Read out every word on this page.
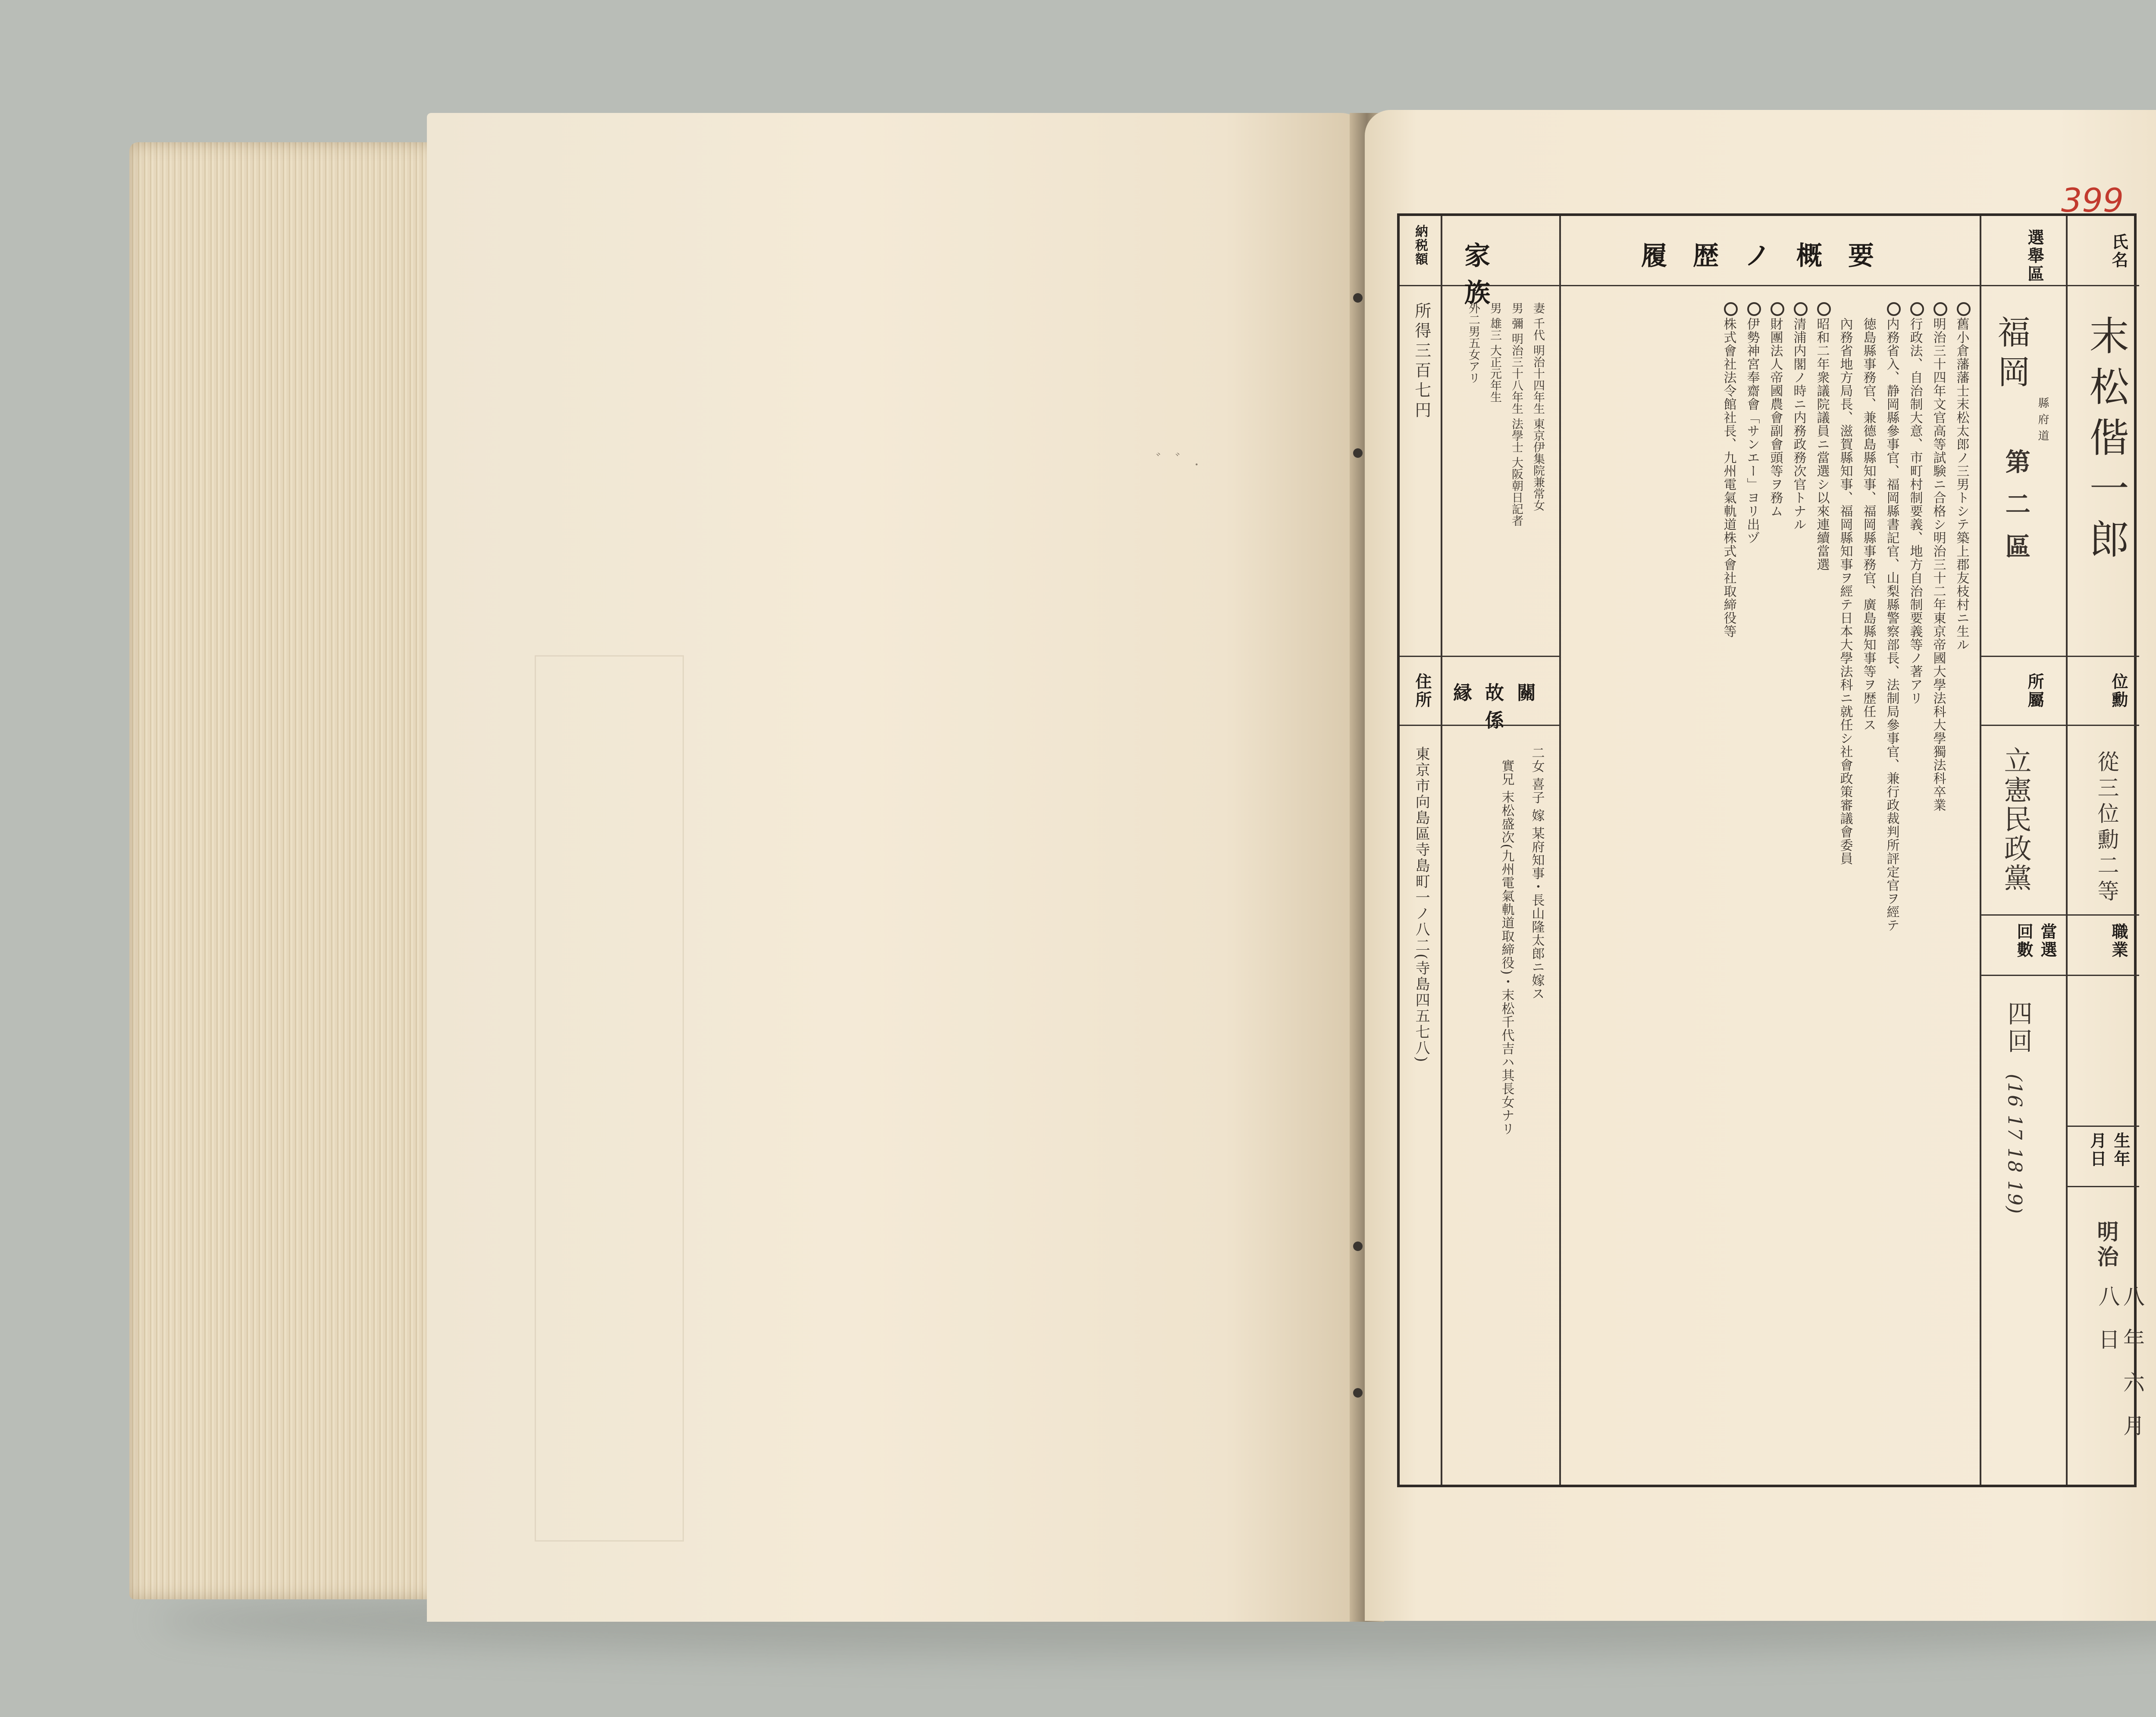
゛ ゛ .
399
氏名
選舉區
履歴ノ概要
家族
納税額
位勳
所屬
職業
當選回數
生年月日
住所	縁故關係
末松偕一郎
從三位勳二等
明治
八年六月八日
福岡
縣府道
第二區
立憲民政黨
四回
(16 17 18 19)
舊小倉藩藩士末松太郎ノ三男トシテ築上郡友枝村ニ生ル
明治三十四年文官高等試験ニ合格シ明治三十二年東京帝國大學法科大學獨法科卒業
行政法、自治制大意、市町村制要義、地方自治制要義等ノ著アリ
内務省入、静岡縣參事官、福岡縣書記官、山梨縣警察部長、法制局參事官、兼行政裁判所評定官ヲ經テ
徳島縣事務官、兼德島縣知事、福岡縣事務官、廣島縣知事等ヲ歴任ス
內務省地方局長、滋賀縣知事、福岡縣知事ヲ經テ日本大學法科ニ就任シ社會政策審議會委員
昭和二年衆議院議員ニ當選シ以來連續當選
清浦内閣ノ時ニ内務政務次官トナル
財團法人帝國農會副會頭等ヲ務ム
伊勢神宮奉齋會「サンエー」ヨリ出ヅ
株式會社法令館社長、九州電氣軌道株式會社取締役等
妻 千代 明治十四年生 東京伊集院兼常女
男 彌 明治三十八年生 法學士 大阪朝日記者
男 雄三 大正元年生
外二男五女アリ
二女 喜子 嫁 某府知事・長山隆太郎ニ嫁ス
實兄 末松盛次(九州電氣軌道取締役)・末松千代吉ハ其長女ナリ
所得三百七円
東京市向島區寺島町一ノ八二(寺島四五七八)
